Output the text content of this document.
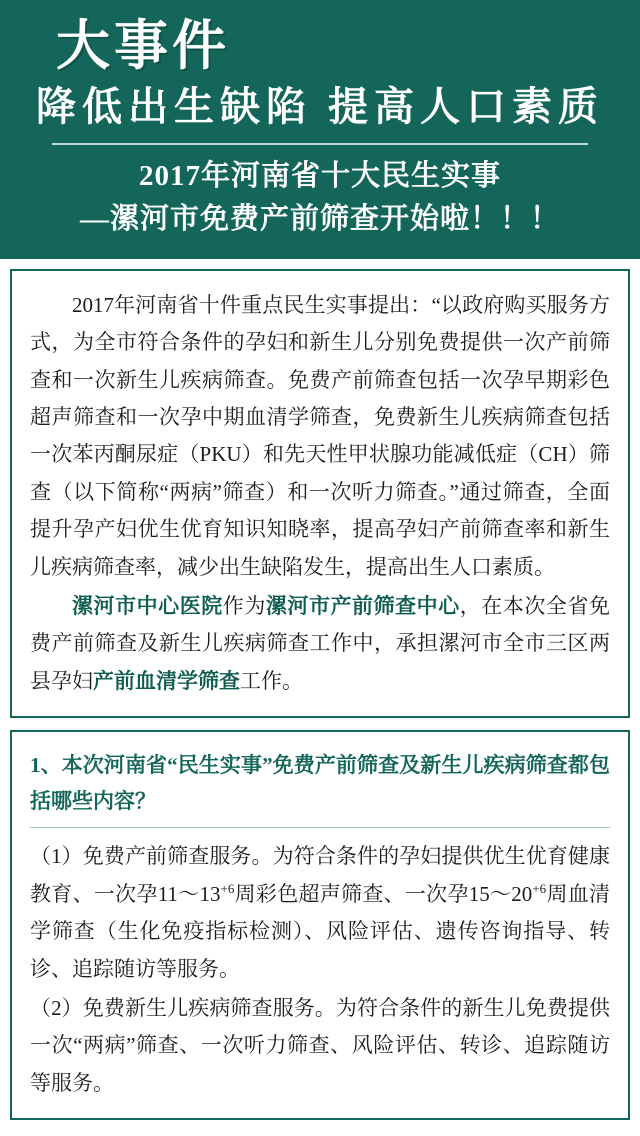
大事件
降低出生缺陷 提高人口素质
2017年河南省十大民生实事
—漯河市免费产前筛查开始啦！！！

2017年河南省十件重点民生实事提出：“以政府购买服务方式，为全市符合条件的孕妇和新生儿分别免费提供一次产前筛查和一次新生儿疾病筛查。免费产前筛查包括一次孕早期彩色超声筛查和一次孕中期血清学筛查，免费新生儿疾病筛查包括一次苯丙酮尿症（PKU）和先天性甲状腺功能减低症（CH）筛查（以下简称“两病”筛查）和一次听力筛查。”通过筛查，全面提升孕产妇优生优育知识知晓率，提高孕妇产前筛查率和新生儿疾病筛查率，减少出生缺陷发生，提高出生人口素质。

漯河市中心医院作为漯河市产前筛查中心，在本次全省免费产前筛查及新生儿疾病筛查工作中，承担漯河市全市三区两县孕妇产前血清学筛查工作。

1、本次河南省“民生实事”免费产前筛查及新生儿疾病筛查都包括哪些内容？

（1）免费产前筛查服务。为符合条件的孕妇提供优生优育健康教育、一次孕$11\sim 13^{+6}$周彩色超声筛查、一次孕$15\sim 20^{+6}$周血清学筛查（生化免疫指标检测）、风险评估、遗传咨询指导、转诊、追踪随访等服务。

（2）免费新生儿疾病筛查服务。为符合条件的新生儿免费提供一次“两病”筛查、一次听力筛查、风险评估、转诊、追踪随访等服务。
